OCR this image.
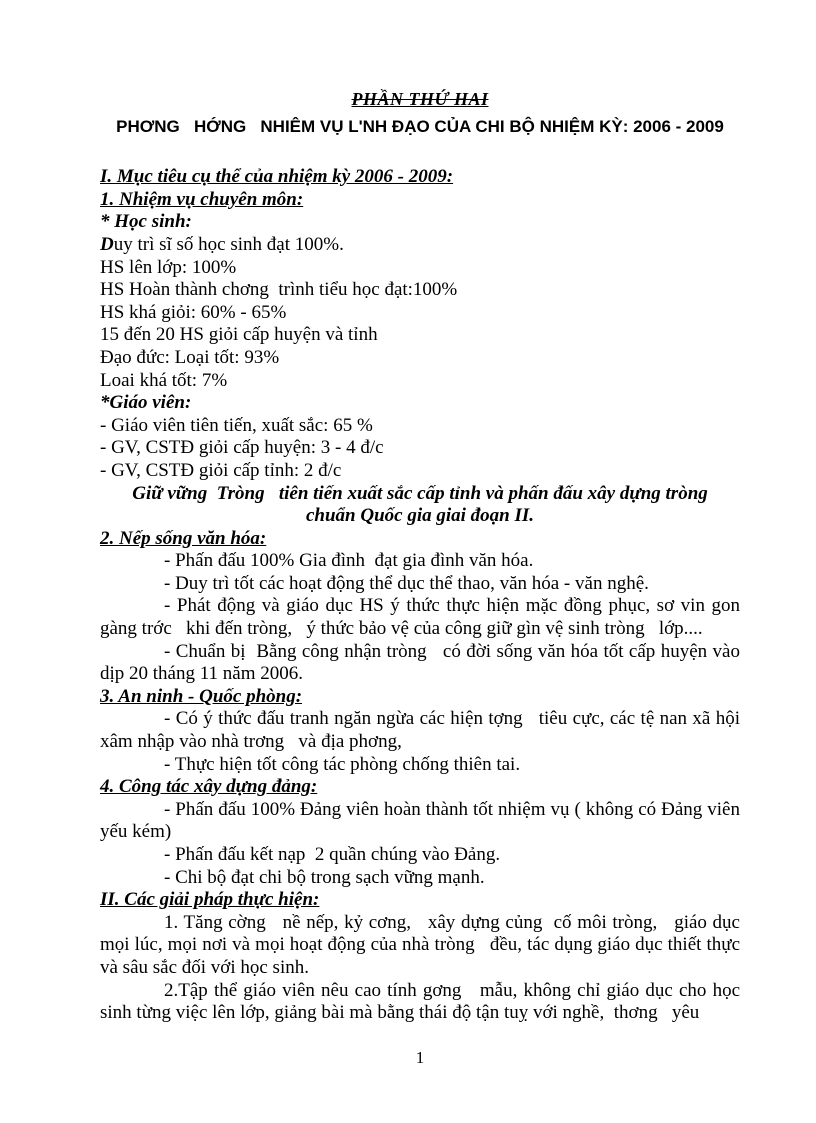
PHẦN THỨ HAI
PHƠNG   HỚNG   NHIÊM VỤ L'NH ĐẠO CỦA CHI BỘ NHIỆM KỲ: 2006 - 2009

I. Mục tiêu cụ thể của nhiệm kỳ 2006 - 2009:

1. Nhiệm vụ chuyên môn:

* Học sinh:

Duy trì sĩ số học sinh đạt 100%.

HS lên lớp: 100%

HS Hoàn thành chơng  trình tiểu học đạt:100%

HS khá giỏi: 60% - 65%

15 đến 20 HS giỏi cấp huyện và tỉnh

Đạo đức: Loại tốt: 93%

Loai khá tốt: 7%

*Giáo viên:

- Giáo viên tiên tiến, xuất sắc: 65 %

- GV, CSTĐ giỏi cấp huyện: 3 - 4 đ/c

- GV, CSTĐ giỏi cấp tỉnh: 2 đ/c

Giữ vững  Tròng   tiên tiến xuất sắc cấp tỉnh và phấn đấu xây dựng tròng

chuẩn Quốc gia giai đoạn II.

2. Nếp sống văn hóa:

- Phấn đấu 100% Gia đình  đạt gia đình văn hóa.

- Duy trì tốt các hoạt động thể dục thể thao, văn hóa - văn nghệ.

- Phát động và giáo dục HS ý thức thực hiện mặc đồng phục, sơ vin gon gàng trớc   khi đến tròng,   ý thức bảo vệ của công giữ gìn vệ sinh tròng   lớp....

- Chuẩn bị  Bằng công nhận tròng   có đời sống văn hóa tốt cấp huyện vào dịp 20 tháng 11 năm 2006.

3. An ninh - Quốc phòng:

- Có ý thức đấu tranh ngăn ngừa các hiện tợng   tiêu cực, các tệ nan xã hội xâm nhập vào nhà trơng   và địa phơng,

- Thực hiện tốt công tác phòng chống thiên tai.

4. Công tác xây dựng đảng:

- Phấn đấu 100% Đảng viên hoàn thành tốt nhiệm vụ ( không có Đảng viên yếu kém)

- Phấn đấu kết nạp  2 quần chúng vào Đảng.

- Chi bộ đạt chi bộ trong sạch vững mạnh.

II. Các giải pháp thực hiện:

1. Tăng cờng   nề nếp, kỷ cơng,   xây dựng củng  cố môi tròng,   giáo dục mọi lúc, mọi nơi và mọi hoạt động của nhà tròng   đều, tác dụng giáo dục thiết thực và sâu sắc đối với học sinh.

2.Tập thể giáo viên nêu cao tính gơng   mẫu, không chỉ giáo dục cho học sinh từng việc lên lớp, giảng bài mà bằng thái độ tận tuỵ với nghề,  thơng   yêu

1
